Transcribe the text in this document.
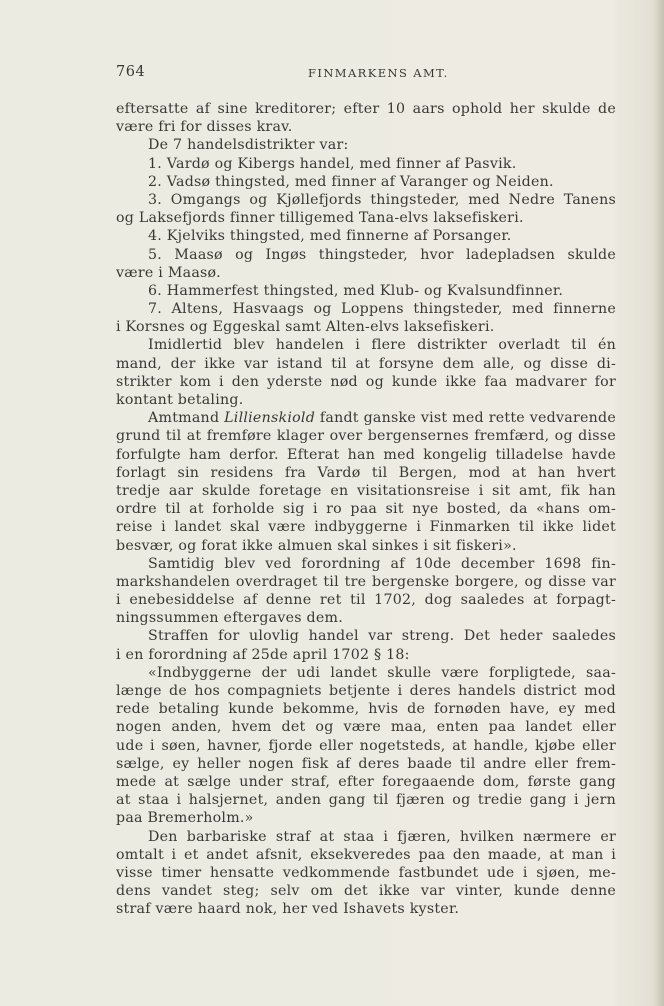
764	FINMARKENS AMT.
eftersatte af sine kreditorer; efter 10 aars ophold her skulde de
være fri for disses krav.
De 7 handelsdistrikter var:
1. Vardø og Kibergs handel, med finner af Pasvik.
2. Vadsø thingsted, med finner af Varanger og Neiden.
3. Omgangs og Kjøllefjords thingsteder, med Nedre Tanens
og Laksefjords finner tilligemed Tana-elvs laksefiskeri.
4. Kjelviks thingsted, med finnerne af Porsanger.
5. Maasø og Ingøs thingsteder, hvor ladepladsen skulde
være i Maasø.
6. Hammerfest thingsted, med Klub- og Kvalsundfinner.
7. Altens, Hasvaags og Loppens thingsteder, med finnerne
i Korsnes og Eggeskal samt Alten-elvs laksefiskeri.
Imidlertid blev handelen i flere distrikter overladt til én
mand, der ikke var istand til at forsyne dem alle, og disse di-
strikter kom i den yderste nød og kunde ikke faa madvarer for
kontant betaling.
Amtmand Lillienskiold fandt ganske vist med rette vedvarende
grund til at fremføre klager over bergensernes fremfærd, og disse
forfulgte ham derfor. Efterat han med kongelig tilladelse havde
forlagt sin residens fra Vardø til Bergen, mod at han hvert
tredje aar skulde foretage en visitationsreise i sit amt, fik han
ordre til at forholde sig i ro paa sit nye bosted, da «hans om-
reise i landet skal være indbyggerne i Finmarken til ikke lidet
besvær, og forat ikke almuen skal sinkes i sit fiskeri».
Samtidig blev ved forordning af 10de december 1698 fin-
markshandelen overdraget til tre bergenske borgere, og disse var
i enebesiddelse af denne ret til 1702, dog saaledes at forpagt-
ningssummen eftergaves dem.
Straffen for ulovlig handel var streng. Det heder saaledes
i en forordning af 25de april 1702 § 18:
«Indbyggerne der udi landet skulle være forpligtede, saa-
længe de hos compagniets betjente i deres handels district mod
rede betaling kunde bekomme, hvis de fornøden have, ey med
nogen anden, hvem det og være maa, enten paa landet eller
ude i søen, havner, fjorde eller nogetsteds, at handle, kjøbe eller
sælge, ey heller nogen fisk af deres baade til andre eller frem-
mede at sælge under straf, efter foregaaende dom, første gang
at staa i halsjernet, anden gang til fjæren og tredie gang i jern
paa Bremerholm.»
Den barbariske straf at staa i fjæren, hvilken nærmere er
omtalt i et andet afsnit, eksekveredes paa den maade, at man i
visse timer hensatte vedkommende fastbundet ude i sjøen, me-
dens vandet steg; selv om det ikke var vinter, kunde denne
straf være haard nok, her ved Ishavets kyster.
